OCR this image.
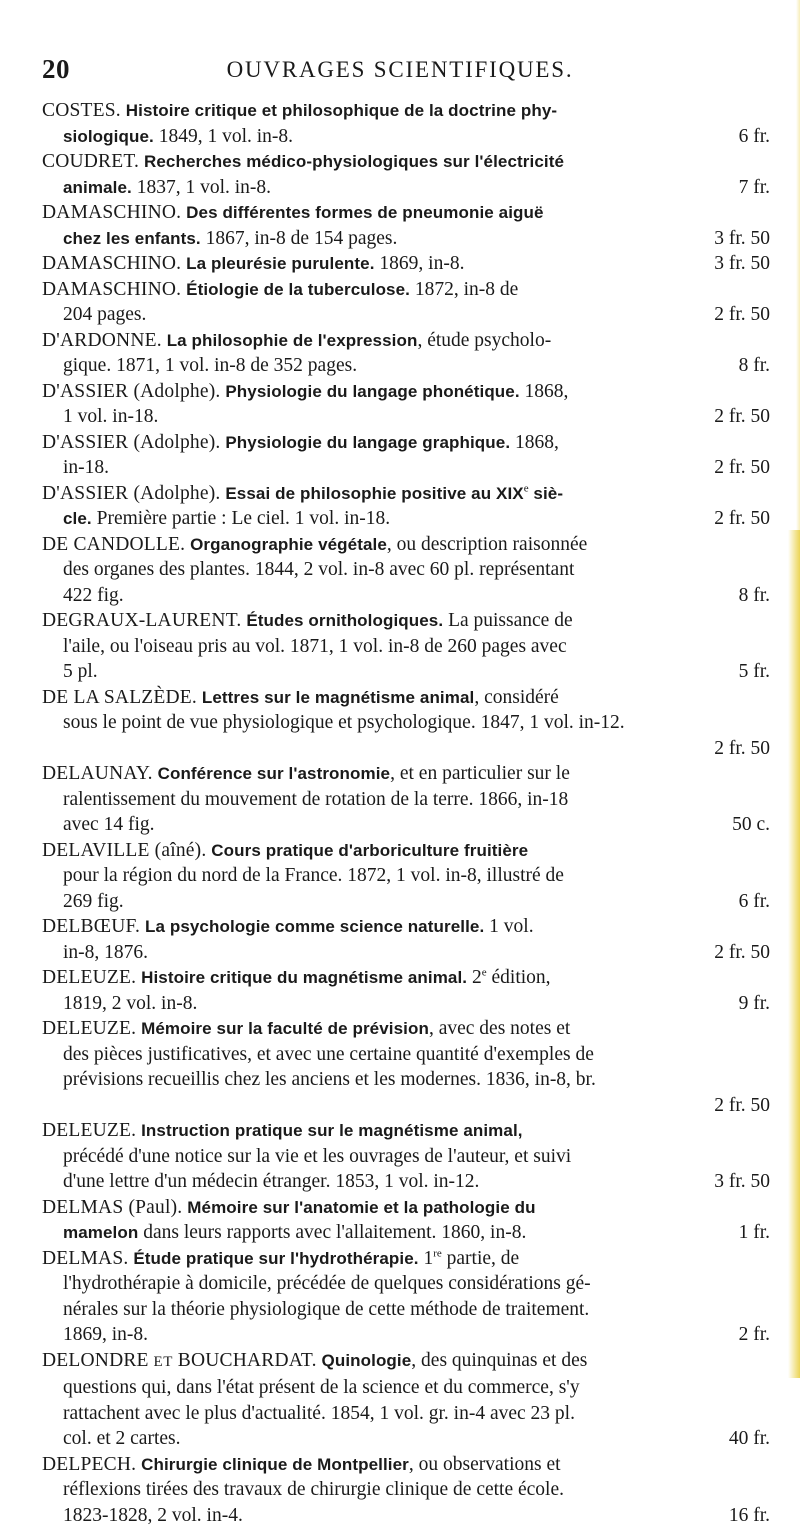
20	OUVRAGES SCIENTIFIQUES.
COSTES. Histoire critique et philosophique de la doctrine phy-
siologique. 1849, 1 vol. in-8.	6 fr.
COUDRET. Recherches médico-physiologiques sur l'électricité
animale. 1837, 1 vol. in-8.	7 fr.
DAMASCHINO. Des différentes formes de pneumonie aiguë
chez les enfants. 1867, in-8 de 154 pages.	3 fr. 50
DAMASCHINO. La pleurésie purulente. 1869, in-8.	3 fr. 50
DAMASCHINO. Étiologie de la tuberculose. 1872, in-8 de
204 pages.	2 fr. 50
D'ARDONNE. La philosophie de l'expression, étude psycholo-
gique. 1871, 1 vol. in-8 de 352 pages.	8 fr.
D'ASSIER (Adolphe). Physiologie du langage phonétique. 1868,
1 vol. in-18.	2 fr. 50
D'ASSIER (Adolphe). Physiologie du langage graphique. 1868,
in-18.	2 fr. 50
D'ASSIER (Adolphe). Essai de philosophie positive au XIXe siè-
cle. Première partie : Le ciel. 1 vol. in-18.	2 fr. 50
DE CANDOLLE. Organographie végétale, ou description raisonnée
des organes des plantes. 1844, 2 vol. in-8 avec 60 pl. représentant
422 fig.	8 fr.
DEGRAUX-LAURENT. Études ornithologiques. La puissance de
l'aile, ou l'oiseau pris au vol. 1871, 1 vol. in-8 de 260 pages avec
5 pl.	5 fr.
DE LA SALZÈDE. Lettres sur le magnétisme animal, considéré
sous le point de vue physiologique et psychologique. 1847, 1 vol. in-12.
2 fr. 50

DELAUNAY. Conférence sur l'astronomie, et en particulier sur le
ralentissement du mouvement de rotation de la terre. 1866, in-18
avec 14 fig.	50 c.
DELAVILLE (aîné). Cours pratique d'arboriculture fruitière
pour la région du nord de la France. 1872, 1 vol. in-8, illustré de
269 fig.	6 fr.
DELBŒUF. La psychologie comme science naturelle. 1 vol.
in-8, 1876.	2 fr. 50
DELEUZE. Histoire critique du magnétisme animal. 2e édition,
1819, 2 vol. in-8.	9 fr.
DELEUZE. Mémoire sur la faculté de prévision, avec des notes et
des pièces justificatives, et avec une certaine quantité d'exemples de
prévisions recueillis chez les anciens et les modernes. 1836, in-8, br.
2 fr. 50

DELEUZE. Instruction pratique sur le magnétisme animal,
précédé d'une notice sur la vie et les ouvrages de l'auteur, et suivi
d'une lettre d'un médecin étranger. 1853, 1 vol. in-12.	3 fr. 50
DELMAS (Paul). Mémoire sur l'anatomie et la pathologie du
mamelon dans leurs rapports avec l'allaitement. 1860, in-8.	1 fr.
DELMAS. Étude pratique sur l'hydrothérapie. 1re partie, de
l'hydrothérapie à domicile, précédée de quelques considérations gé-
nérales sur la théorie physiologique de cette méthode de traitement.
1869, in-8.	2 fr.
DELONDRE ET BOUCHARDAT. Quinologie, des quinquinas et des
questions qui, dans l'état présent de la science et du commerce, s'y
rattachent avec le plus d'actualité. 1854, 1 vol. gr. in-4 avec 23 pl.
col. et 2 cartes.	40 fr.
DELPECH. Chirurgie clinique de Montpellier, ou observations et
réflexions tirées des travaux de chirurgie clinique de cette école.
1823-1828, 2 vol. in-4.	16 fr.
